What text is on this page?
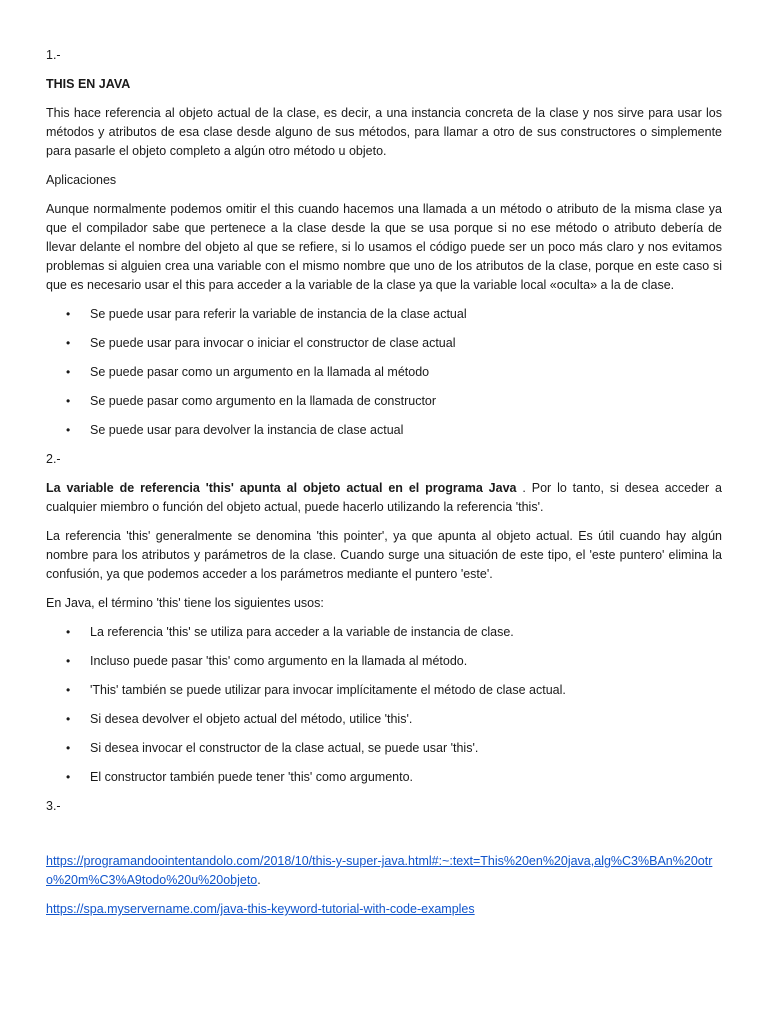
1.-

THIS EN JAVA

This hace referencia al objeto actual de la clase, es decir, a una instancia concreta de la clase y nos sirve para usar los métodos y atributos de esa clase desde alguno de sus métodos, para llamar a otro de sus constructores o simplemente para pasarle el objeto completo a algún otro método u objeto.

Aplicaciones

Aunque normalmente podemos omitir el this cuando hacemos una llamada a un método o atributo de la misma clase ya que el compilador sabe que pertenece a la clase desde la que se usa porque si no ese método o atributo debería de llevar delante el nombre del objeto al que se refiere, si lo usamos el código puede ser un poco más claro y nos evitamos problemas si alguien crea una variable con el mismo nombre que uno de los atributos de la clase, porque en este caso si que es necesario usar el this para acceder a la variable de la clase ya que la variable local «oculta» a la de clase.

• Se puede usar para referir la variable de instancia de la clase actual
• Se puede usar para invocar o iniciar el constructor de clase actual
• Se puede pasar como un argumento en la llamada al método
• Se puede pasar como argumento en la llamada de constructor
• Se puede usar para devolver la instancia de clase actual

2.-

La variable de referencia 'this' apunta al objeto actual en el programa Java . Por lo tanto, si desea acceder a cualquier miembro o función del objeto actual, puede hacerlo utilizando la referencia 'this'.

La referencia 'this' generalmente se denomina 'this pointer', ya que apunta al objeto actual. Es útil cuando hay algún nombre para los atributos y parámetros de la clase. Cuando surge una situación de este tipo, el 'este puntero' elimina la confusión, ya que podemos acceder a los parámetros mediante el puntero 'este'.

En Java, el término 'this' tiene los siguientes usos:

• La referencia 'this' se utiliza para acceder a la variable de instancia de clase.
• Incluso puede pasar 'this' como argumento en la llamada al método.
• 'This' también se puede utilizar para invocar implícitamente el método de clase actual.
• Si desea devolver el objeto actual del método, utilice 'this'.
• Si desea invocar el constructor de la clase actual, se puede usar 'this'.
• El constructor también puede tener 'this' como argumento.

3.-

https://programandoointentandolo.com/2018/10/this-y-super-java.html#:~:text=This%20en%20java,alg%C3%BAn%20otro%20m%C3%A9todo%20u%20objeto.

https://spa.myservername.com/java-this-keyword-tutorial-with-code-examples
